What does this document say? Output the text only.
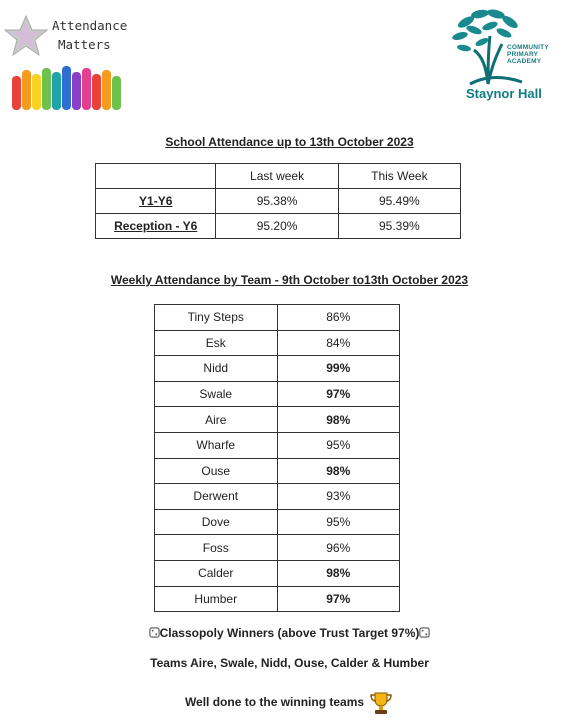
Attendance
Matters	COMMUNITY
PRIMARY
ACADEMY
Staynor Hall
School Attendance up to 13th October 2023
	Last week	This Week
Y1-Y6	95.38%	95.49%
Reception - Y6	95.20%	95.39%
Weekly Attendance by Team - 9th October to13th October 2023
Tiny Steps	86%
Esk	84%
Nidd	99%
Swale	97%
Aire	98%
Wharfe	95%
Ouse	98%
Derwent	93%
Dove	95%
Foss	96%
Calder	98%
Humber	97%
Classopoly Winners (above Trust Target 97%)
Teams Aire, Swale, Nidd, Ouse, Calder & Humber
Well done to the winning teams
